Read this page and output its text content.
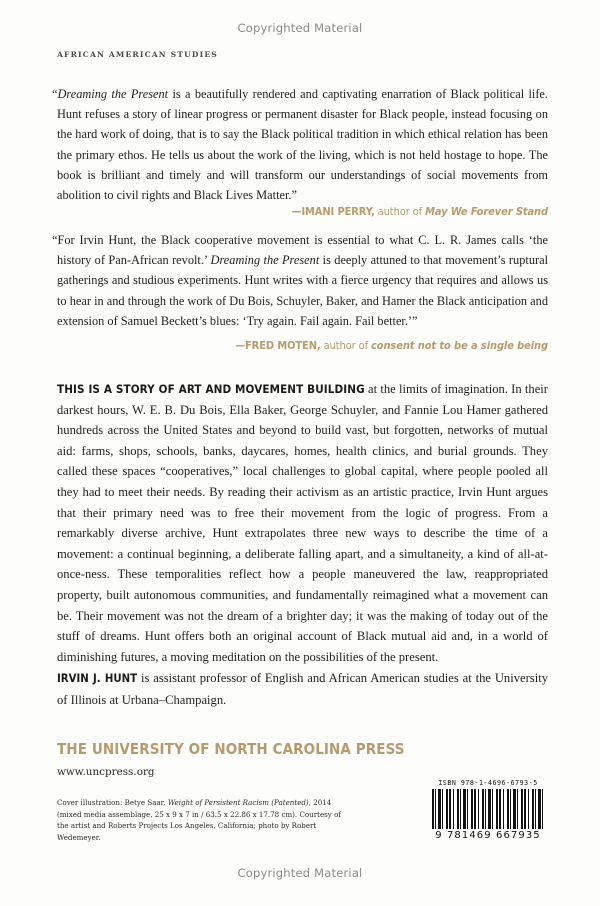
Copyrighted Material
AFRICAN AMERICAN STUDIES
“Dreaming the Present is a beautifully rendered and captivating enarration of Black political life. Hunt refuses a story of linear progress or permanent disaster for Black people, instead focusing on the hard work of doing, that is to say the Black political tradition in which ethical relation has been the primary ethos. He tells us about the work of the living, which is not held hostage to hope. The book is brilliant and timely and will transform our understandings of social movements from abolition to civil rights and Black Lives Matter.”
—IMANI PERRY, author of May We Forever Stand
“For Irvin Hunt, the Black cooperative movement is essential to what C. L. R. James calls ‘the history of Pan-African revolt.’ Dreaming the Present is deeply attuned to that movement’s ruptural gatherings and studious experiments. Hunt writes with a fierce urgency that requires and allows us to hear in and through the work of Du Bois, Schuyler, Baker, and Hamer the Black anticipation and extension of Samuel Beckett’s blues: ‘Try again. Fail again. Fail better.’”
—FRED MOTEN, author of consent not to be a single being
THIS IS A STORY OF ART AND MOVEMENT BUILDING at the limits of imagination. In their darkest hours, W. E. B. Du Bois, Ella Baker, George Schuyler, and Fannie Lou Hamer gathered hundreds across the United States and beyond to build vast, but forgotten, networks of mutual aid: farms, shops, schools, banks, daycares, homes, health clinics, and burial grounds. They called these spaces “cooperatives,” local challenges to global capital, where people pooled all they had to meet their needs. By reading their activism as an artistic practice, Irvin Hunt argues that their primary need was to free their movement from the logic of progress. From a remarkably diverse archive, Hunt extrapolates three new ways to describe the time of a movement: a continual beginning, a deliberate falling apart, and a simultaneity, a kind of all-at-once-ness. These temporalities reflect how a people maneuvered the law, reappropriated property, built autonomous communities, and fundamentally reimagined what a movement can be. Their movement was not the dream of a brighter day; it was the making of today out of the stuff of dreams. Hunt offers both an original account of Black mutual aid and, in a world of diminishing futures, a moving meditation on the possibilities of the present.
IRVIN J. HUNT is assistant professor of English and African American studies at the University of Illinois at Urbana–Champaign.
THE UNIVERSITY OF NORTH CAROLINA PRESS
www.uncpress.org
Cover illustration: Betye Saar, Weight of Persistent Racism (Patented), 2014 (mixed media assemblage, 25 x 9 x 7 in / 63.5 x 22.86 x 17.78 cm). Courtesy of the artist and Roberts Projects Los Angeles, California; photo by Robert Wedemeyer.
ISBN 978-1-4696-6793-5
9 781469 667935
Copyrighted Material
